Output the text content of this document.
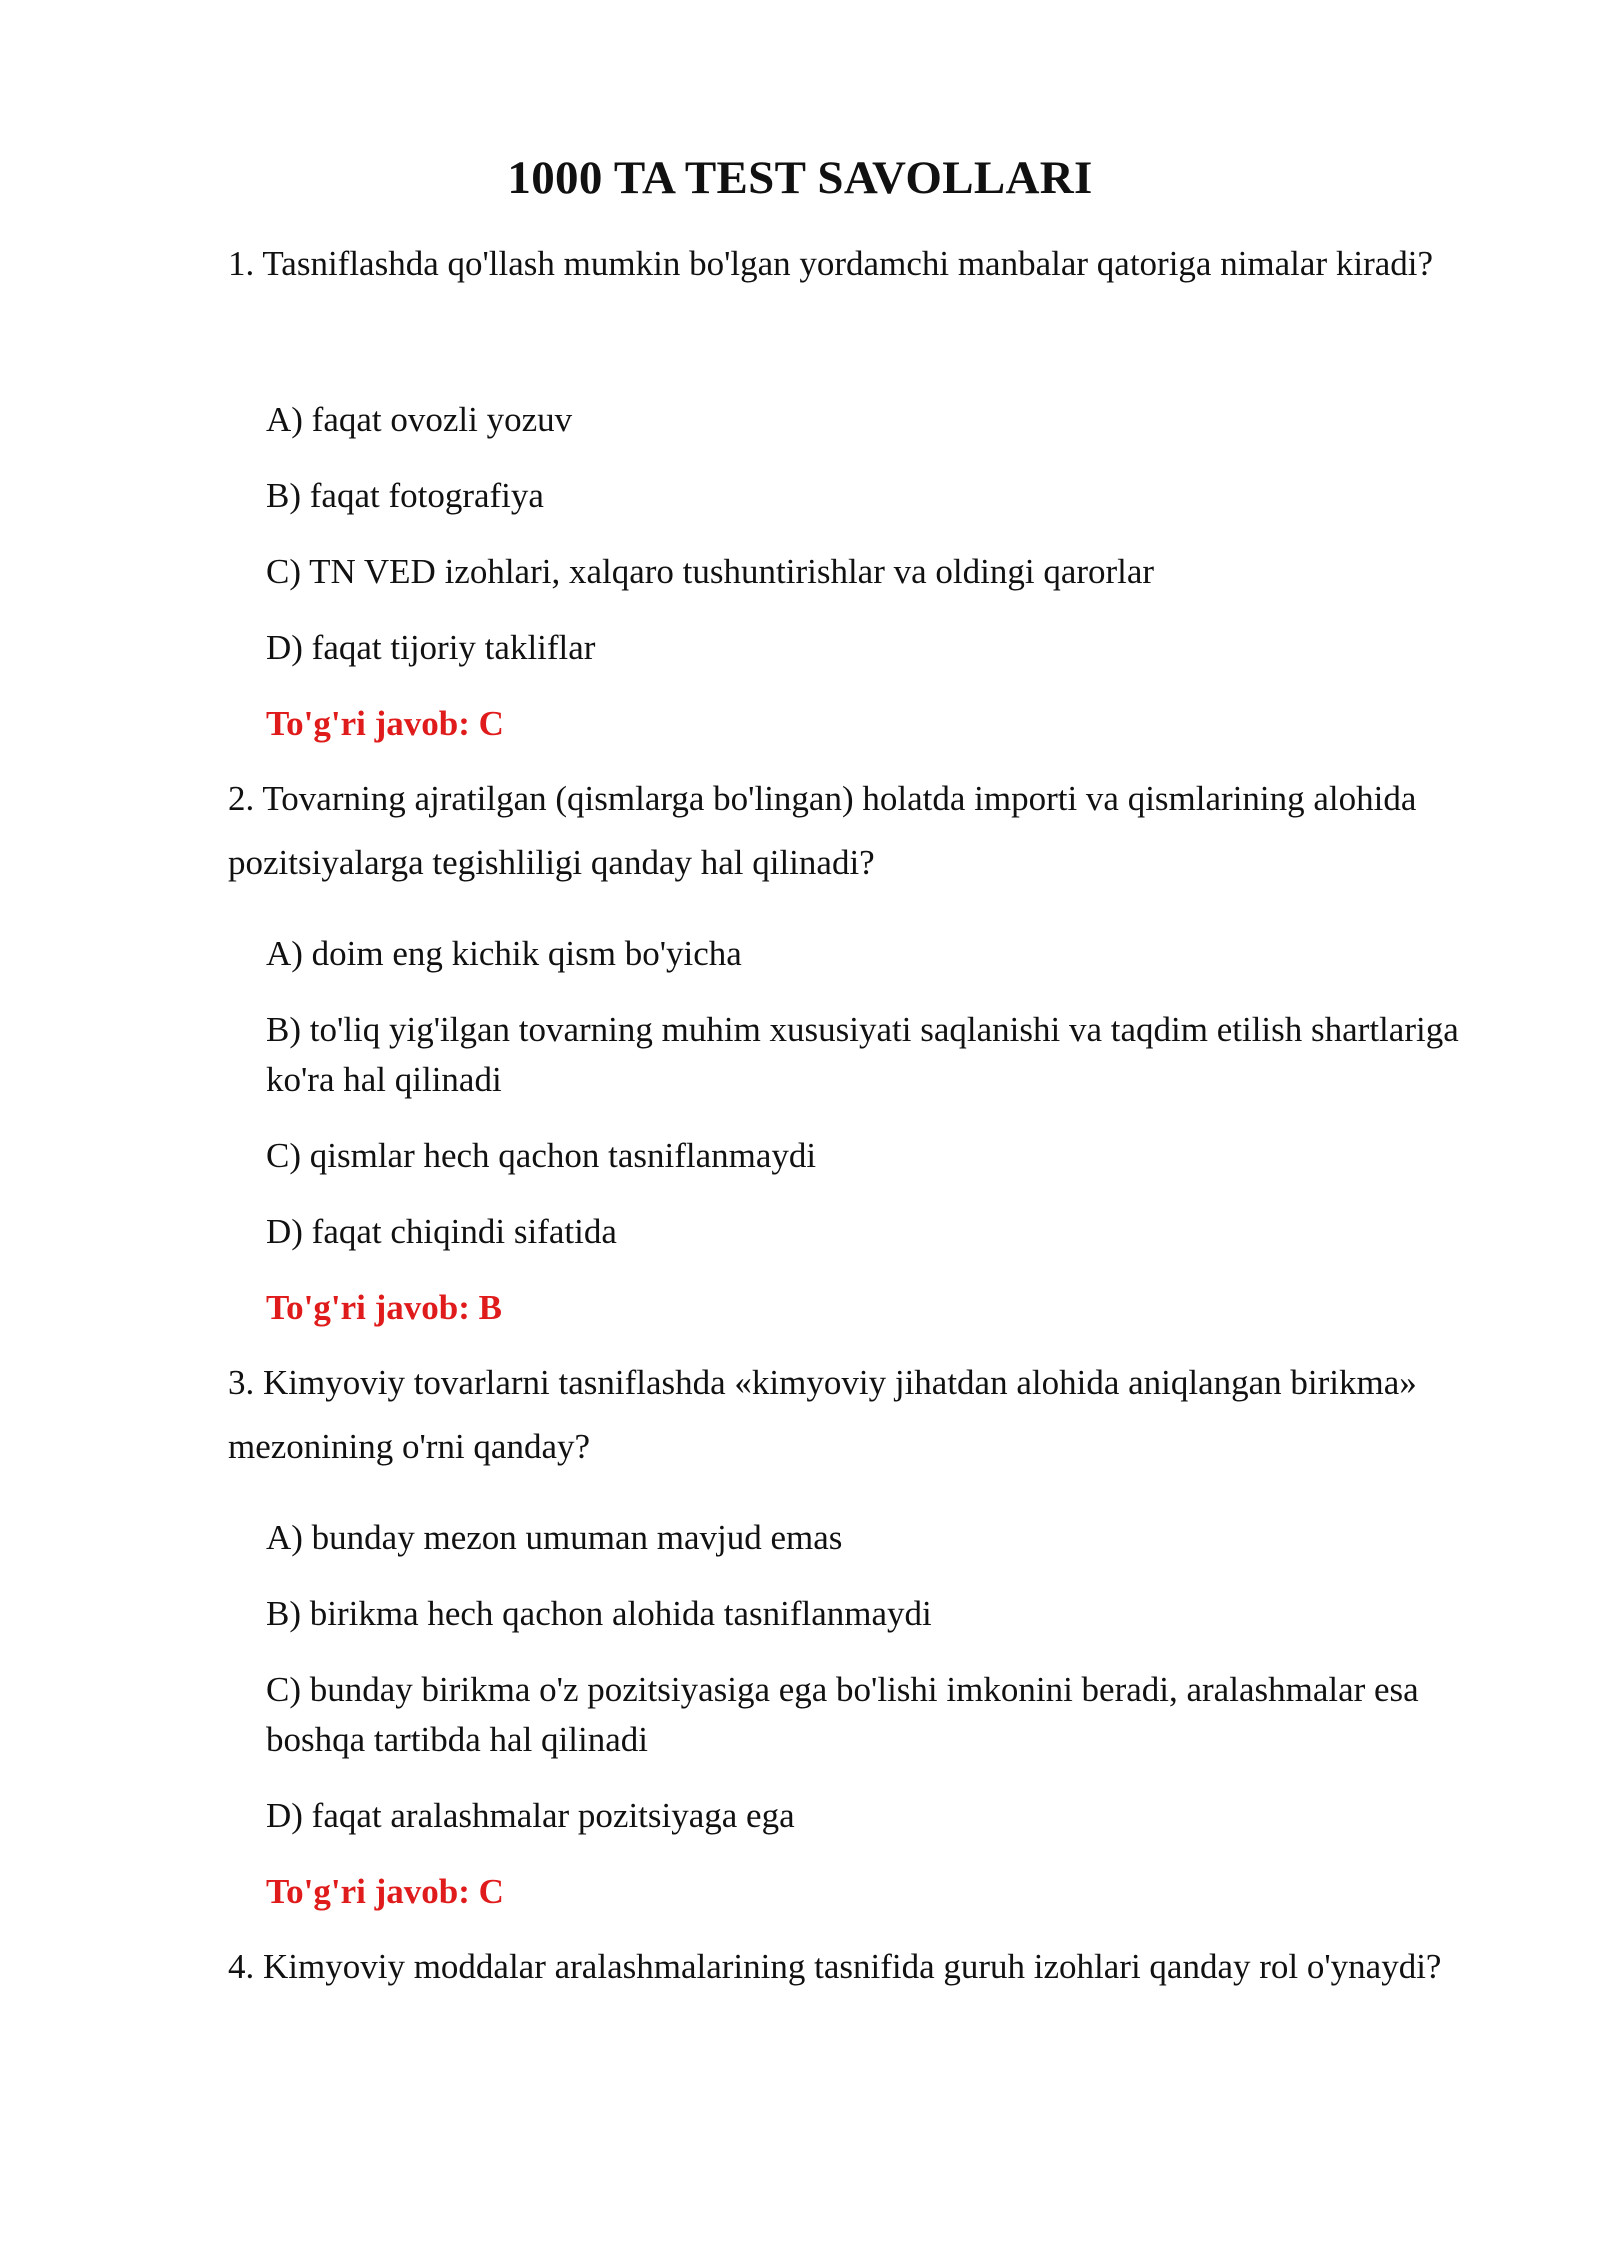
1000 TA TEST SAVOLLARI
1. Tasniflashda qo'llash mumkin bo'lgan yordamchi manbalar qatoriga nimalar kiradi?
A) faqat ovozli yozuv
B) faqat fotografiya
C) TN VED izohlari, xalqaro tushuntirishlar va oldingi qarorlar
D) faqat tijoriy takliflar
To'g'ri javob: C
2. Tovarning ajratilgan (qismlarga bo'lingan) holatda importi va qismlarining alohida pozitsiyalarga tegishliligi qanday hal qilinadi?
A) doim eng kichik qism bo'yicha
B) to'liq yig'ilgan tovarning muhim xususiyati saqlanishi va taqdim etilish shartlariga ko'ra hal qilinadi
C) qismlar hech qachon tasniflanmaydi
D) faqat chiqindi sifatida
To'g'ri javob: B
3. Kimyoviy tovarlarni tasniflashda «kimyoviy jihatdan alohida aniqlangan birikma» mezonining o'rni qanday?
A) bunday mezon umuman mavjud emas
B) birikma hech qachon alohida tasniflanmaydi
C) bunday birikma o'z pozitsiyasiga ega bo'lishi imkonini beradi, aralashmalar esa boshqa tartibda hal qilinadi
D) faqat aralashmalar pozitsiyaga ega
To'g'ri javob: C
4. Kimyoviy moddalar aralashmalarining tasnifida guruh izohlari qanday rol o'ynaydi?
